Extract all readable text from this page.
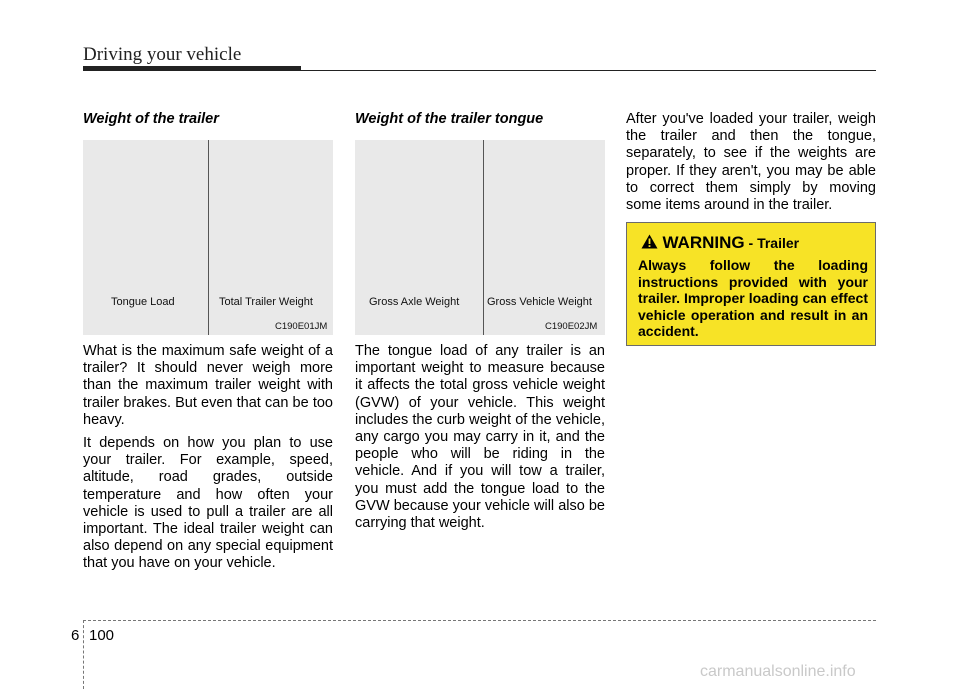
Driving your vehicle
Weight of the trailer
Tongue Load	Total Trailer Weight
C190E01JM

What is the maximum safe weight of a trailer? It should never weigh more than the maximum trailer weight with trailer brakes. But even that can be too heavy.

It depends on how you plan to use your trailer. For example, speed, altitude, road grades, outside temperature and how often your vehicle is used to pull a trailer are all important. The ideal trailer weight can also depend on any special equipment that you have on your vehicle.

Weight of the trailer tongue
Gross Axle Weight	Gross Vehicle Weight
C190E02JM

The tongue load of any trailer is an important weight to measure because it affects the total gross vehicle weight (GVW) of your vehicle. This weight includes the curb weight of the vehicle, any cargo you may carry in it, and the people who will be riding in the vehicle. And if you will tow a trailer, you must add the tongue load to the GVW because your vehicle will also be carrying that weight.

After you've loaded your trailer, weigh the trailer and then the tongue, separately, to see if the weights are proper. If they aren't, you may be able to correct them simply by moving some items around in the trailer.

WARNING - Trailer
Always follow the loading instructions provided with your trailer. Improper loading can effect vehicle operation and result in an accident.
6 100
carmanualsonline.info
